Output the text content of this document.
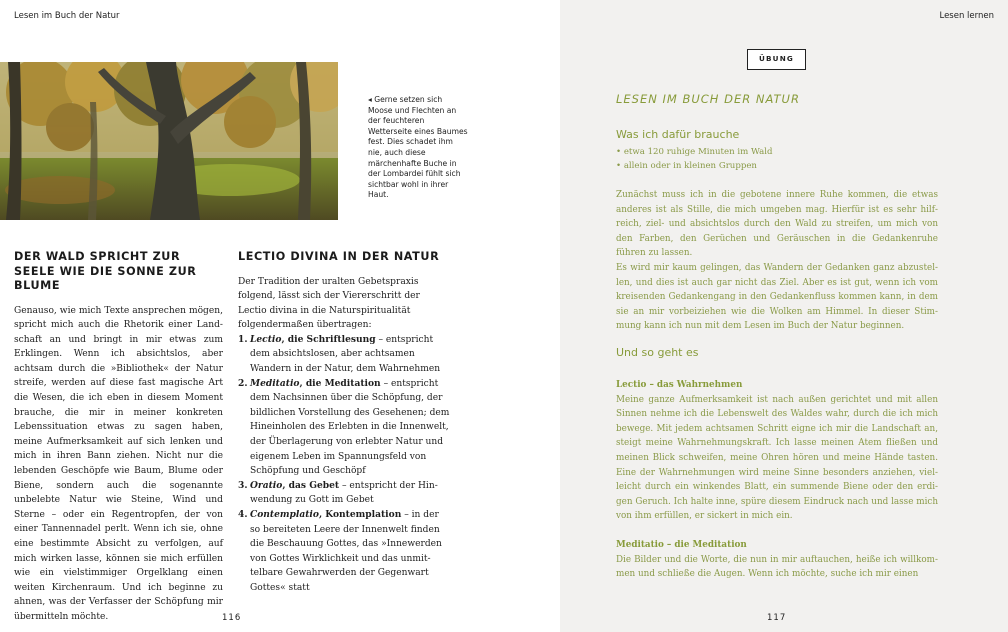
Lesen im Buch der Natur	Lesen lernen
◂ Gerne setzen sich Moose und Flechten an der feuchteren Wetterseite eines Baumes fest. Dies schadet ihm nie, auch diese märchenhafte Buche in der Lombardei fühlt sich sichtbar wohl in ihrer Haut.
DER WALD SPRICHT ZUR SEELE WIE DIE SONNE ZUR BLUME

Genauso, wie mich Texte ansprechen mögen, spricht mich auch die Rhetorik einer Landschaft an und bringt in mir etwas zum Erklingen. Wenn ich absichtslos, aber achtsam durch die »Bibliothek« der Natur streife, werden auf diese fast magische Art die Wesen, die ich eben in diesem Moment brauche, die mir in meiner konkreten Lebenssituation etwas zu sagen haben, meine Aufmerksamkeit auf sich lenken und mich in ihren Bann ziehen. Nicht nur die lebenden Geschöpfe wie Baum, Blume oder Biene, sondern auch die sogenannte unbelebte Natur wie Steine, Wind und Sterne – oder ein Regentropfen, der von einer Tannennadel perlt. Wenn ich sie, ohne eine bestimmte Absicht zu verfolgen, auf mich wirken lasse, können sie mich erfüllen wie ein vielstimmiger Orgelklang einen weiten Kirchenraum. Und ich beginne zu ahnen, was der Verfasser der Schöpfung mir übermitteln möchte.

LECTIO DIVINA IN DER NATUR

Der Tradition der uralten Gebetspraxis folgend, lässt sich der Viererschritt der Lectio divina in die Naturspiritualität folgendermaßen übertragen:

1. Lectio, die Schriftlesung – entspricht dem absichtslosen, aber achtsamen Wandern in der Natur, dem Wahrnehmen
2. Meditatio, die Meditation – entspricht dem Nachsinnen über die Schöpfung, der bildlichen Vorstellung des Gesehenen; dem Hineinholen des Erlebten in die Innenwelt, der Überlagerung von erlebter Natur und eigenem Leben im Spannungsfeld von Schöpfung und Geschöpf
3. Oratio, das Gebet – entspricht der Hinwendung zu Gott im Gebet
4. Contemplatio, Kontemplation – in der so bereiteten Leere der Innenwelt finden die Beschauung Gottes, das »Innewerden von Gottes Wirklichkeit und das unmittelbare Gewahrwerden der Gegenwart Gottes« statt
116
ÜBUNG
LESEN IM BUCH DER NATUR
Was ich dafür brauche
• etwa 120 ruhige Minuten im Wald
• allein oder in kleinen Gruppen

Zunächst muss ich in die gebotene innere Ruhe kommen, die etwas anderes ist als Stille, die mich umgeben mag. Hierfür ist es sehr hilfreich, ziel- und absichtslos durch den Wald zu streifen, um mich von den Farben, den Gerüchen und Geräuschen in die Gedankenruhe führen zu lassen.

Es wird mir kaum gelingen, das Wandern der Gedanken ganz abzustellen, und dies ist auch gar nicht das Ziel. Aber es ist gut, wenn ich vom kreisenden Gedankengang in den Gedankenfluss kommen kann, in dem sie an mir vorbeiziehen wie die Wolken am Himmel. In dieser Stimmung kann ich nun mit dem Lesen im Buch der Natur beginnen.

Und so geht es
Lectio – das Wahrnehmen
Meine ganze Aufmerksamkeit ist nach außen gerichtet und mit allen Sinnen nehme ich die Lebenswelt des Waldes wahr, durch die ich mich bewege. Mit jedem achtsamen Schritt eigne ich mir die Landschaft an, steigt meine Wahrnehmungskraft. Ich lasse meinen Atem fließen und meinen Blick schweifen, meine Ohren hören und meine Hände tasten. Eine der Wahrnehmungen wird meine Sinne besonders anziehen, vielleicht durch ein winkendes Blatt, ein summende Biene oder den erdigen Geruch. Ich halte inne, spüre diesem Eindruck nach und lasse mich von ihm erfüllen, er sickert in mich ein.
Meditatio – die Meditation
Die Bilder und die Worte, die nun in mir auftauchen, heiße ich willkommen und schließe die Augen. Wenn ich möchte, suche ich mir einen
117
